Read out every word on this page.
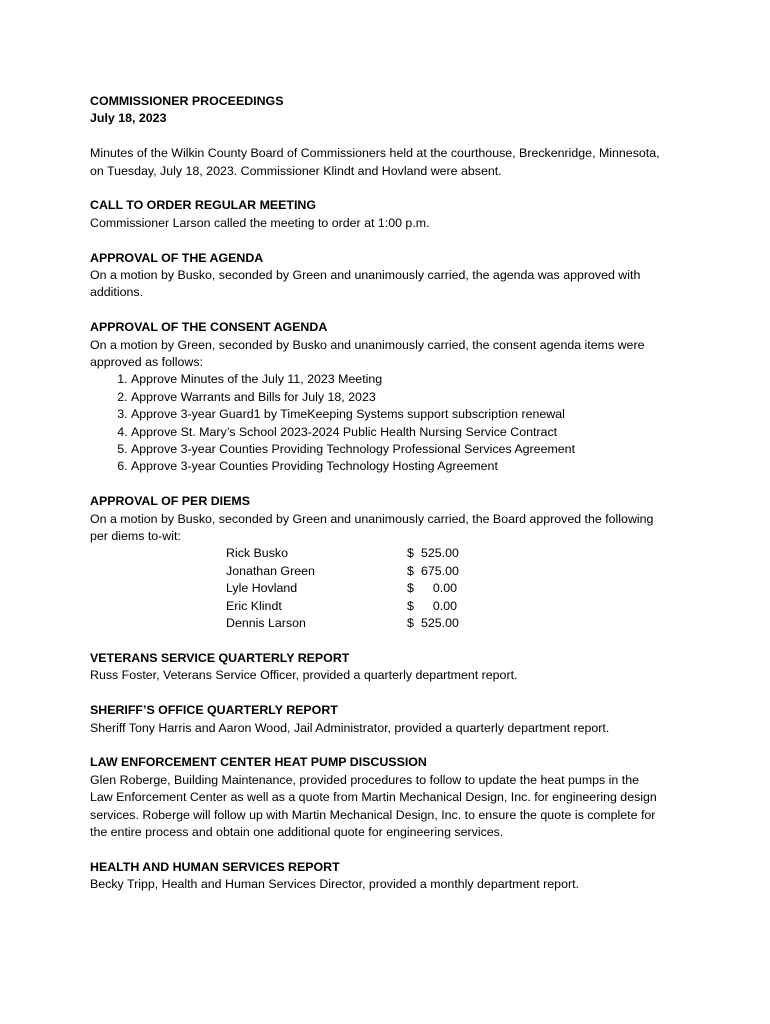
COMMISSIONER PROCEEDINGS

July 18, 2023

Minutes of the Wilkin County Board of Commissioners held at the courthouse, Breckenridge, Minnesota,

on Tuesday, July 18, 2023. Commissioner Klindt and Hovland were absent.

CALL TO ORDER REGULAR MEETING

Commissioner Larson called the meeting to order at 1:00 p.m.

APPROVAL OF THE AGENDA

On a motion by Busko, seconded by Green and unanimously carried, the agenda was approved with

additions.

APPROVAL OF THE CONSENT AGENDA

On a motion by Green, seconded by Busko and unanimously carried, the consent agenda items were

approved as follows:

1. Approve Minutes of the July 11, 2023 Meeting
2. Approve Warrants and Bills for July 18, 2023
3. Approve 3-year Guard1 by TimeKeeping Systems support subscription renewal
4. Approve St. Mary’s School 2023-2024 Public Health Nursing Service Contract
5. Approve 3-year Counties Providing Technology Professional Services Agreement
6. Approve 3-year Counties Providing Technology Hosting Agreement

APPROVAL OF PER DIEMS

On a motion by Busko, seconded by Green and unanimously carried, the Board approved the following

per diems to-wit:

Rick Busko	$ 525.00
Jonathan Green	$ 675.00
Lyle Hovland	$ 0.00
Eric Klindt	$ 0.00
Dennis Larson	$ 525.00

VETERANS SERVICE QUARTERLY REPORT

Russ Foster, Veterans Service Officer, provided a quarterly department report.

SHERIFF’S OFFICE QUARTERLY REPORT

Sheriff Tony Harris and Aaron Wood, Jail Administrator, provided a quarterly department report.

LAW ENFORCEMENT CENTER HEAT PUMP DISCUSSION

Glen Roberge, Building Maintenance, provided procedures to follow to update the heat pumps in the

Law Enforcement Center as well as a quote from Martin Mechanical Design, Inc. for engineering design

services. Roberge will follow up with Martin Mechanical Design, Inc. to ensure the quote is complete for

the entire process and obtain one additional quote for engineering services.

HEALTH AND HUMAN SERVICES REPORT

Becky Tripp, Health and Human Services Director, provided a monthly department report.
